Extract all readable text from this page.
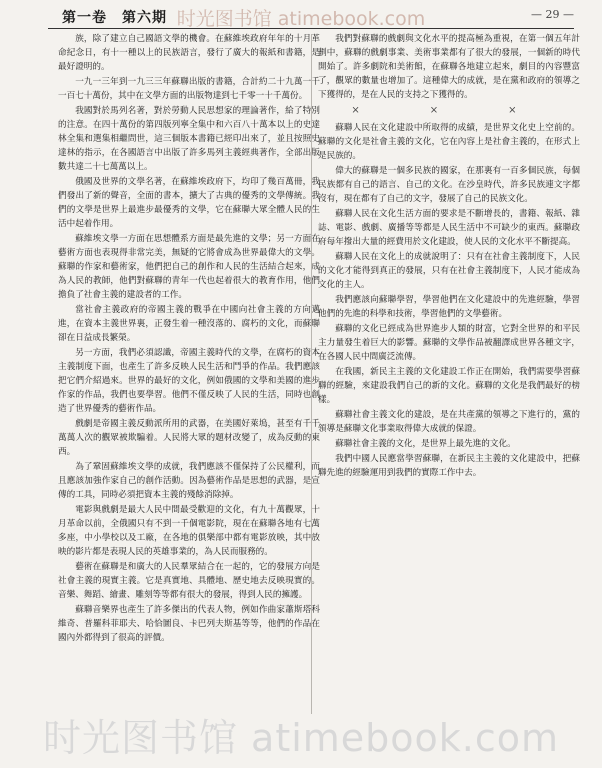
第一卷　第六期 时光图书馆 atimebook.com	— 29 —

族，除了建立自己國語文學的機會。在蘇維埃政府年年的十月革命紀念日，有十一種以上的民族語言，發行了廣大的報紙和書籍，是最好證明的。

一九一三年到一九三三年蘇聯出版的書籍，合計約二十九萬一千一百七十萬份，其中在文學方面的出版物達到七千零一十千萬份。

我國對於馬列名著，對於勞動人民思想家的理論著作，給了特別的注意。在四十萬份的第四版列寧全集中和六百八十萬本以上的史達林全集和選集相繼問世，這三個版本書籍已經印出來了，並且按照史達林的指示，在各國語言中出版了許多馬列主義經典著作，全部出版數共達二十七萬萬以上。

俄國及世界的文學名著，在蘇維埃政府下，均印了幾百萬冊，我們發出了新的聲音，全面的書本，擴大了古典的優秀的文學傳統。我們的文學是世界上最進步最優秀的文學，它在蘇聯大眾全體人民的生活中起着作用。

蘇維埃文學一方面在思想體系方面是最先進的文學；另一方面在藝術方面也表現得非常完美，無疑的它將會成為世界最偉大的文學。蘇聯的作家和藝術家，他們把自己的創作和人民的生活結合起來，成為人民的教師，他們對蘇聯的青年一代也起着很大的教育作用，他們擔負了社會主義的建設者的工作。

當社會主義政府的帝國主義的戰爭在中國向社會主義的方向邁進，在資本主義世界裏，正發生着一種沒落的、腐朽的文化，而蘇聯卻在日益成長繁榮。

另一方面，我們必須認識，帝國主義時代的文學，在腐朽的資本主義制度下面，也產生了許多反映人民生活和鬥爭的作品。我們應該把它們介紹過來。世界的最好的文化，例如俄國的文學和美國的進步作家的作品，我們也要學習。他們不僅反映了人民的生活，同時也創造了世界優秀的藝術作品。

戲劇是帝國主義反動派所用的武器，在美國好萊塢，甚至有千千萬萬人次的觀眾被欺騙着。人民將大眾的題材改變了，成為反動的東西。

為了鞏固蘇維埃文學的成就，我們應該不僅保持了公民權利，而且應該加強作家自己的創作活動。因為藝術作品是思想的武器，是宣傳的工具，同時必須把資本主義的殘餘消除掉。

電影與戲劇是最大人民中間最受歡迎的文化，有九十萬觀眾，十月革命以前，全俄國只有不到一千個電影院，現在在蘇聯各地有七萬多座，中小學校以及工廠，在各地的俱樂部中都有電影放映，其中放映的影片都是表現人民的英雄事業的，為人民而服務的。

藝術在蘇聯是和廣大的人民羣眾結合在一起的，它的發展方向是社會主義的現實主義。它是真實地、具體地、歷史地去反映現實的。音樂、舞蹈、繪畫、雕刻等等都有很大的發展，得到人民的擁護。

蘇聯音樂界也產生了許多傑出的代表人物，例如作曲家蕭斯塔科維奇、普羅科菲耶夫、哈恰圖良、卡巴列夫斯基等等，他們的作品在國內外都得到了很高的評價。

我們對蘇聯的戲劇與文化水平的提高極為重視，在第一個五年計劃中，蘇聯的戲劇事業、美術事業都有了很大的發展，一個新的時代開始了。許多劇院和美術館，在蘇聯各地建立起來，劇目的內容豐富了，觀眾的數量也增加了。這種偉大的成就，是在黨和政府的領導之下獲得的，是在人民的支持之下獲得的。

×　×　×

蘇聯人民在文化建設中所取得的成績，是世界文化史上空前的。蘇聯的文化是社會主義的文化，它在內容上是社會主義的，在形式上是民族的。

偉大的蘇聯是一個多民族的國家，在那裏有一百多個民族，每個民族都有自己的語言、自己的文化。在沙皇時代，許多民族連文字都沒有，現在都有了自己的文字，發展了自己的民族文化。

蘇聯人民在文化生活方面的要求是不斷增長的，書籍、報紙、雜誌、電影、戲劇、廣播等等都是人民生活中不可缺少的東西。蘇聯政府每年撥出大量的經費用於文化建設，使人民的文化水平不斷提高。

蘇聯人民在文化上的成就說明了：只有在社會主義制度下，人民的文化才能得到真正的發展，只有在社會主義制度下，人民才能成為文化的主人。

我們應該向蘇聯學習，學習他們在文化建設中的先進經驗，學習他們的先進的科學和技術，學習他們的文學藝術。

蘇聯的文化已經成為世界進步人類的財富，它對全世界的和平民主力量發生着巨大的影響。蘇聯的文學作品被翻譯成世界各種文字，在各國人民中間廣泛流傳。

在我國，新民主主義的文化建設工作正在開始，我們需要學習蘇聯的經驗，來建設我們自己的新的文化。蘇聯的文化是我們最好的榜樣。

蘇聯社會主義文化的建設，是在共產黨的領導之下進行的，黨的領導是蘇聯文化事業取得偉大成就的保證。

蘇聯社會主義的文化，是世界上最先進的文化。

我們中國人民應當學習蘇聯，在新民主主義的文化建設中，把蘇聯先進的經驗運用到我們的實際工作中去。

时光图书馆 atimebook.com
